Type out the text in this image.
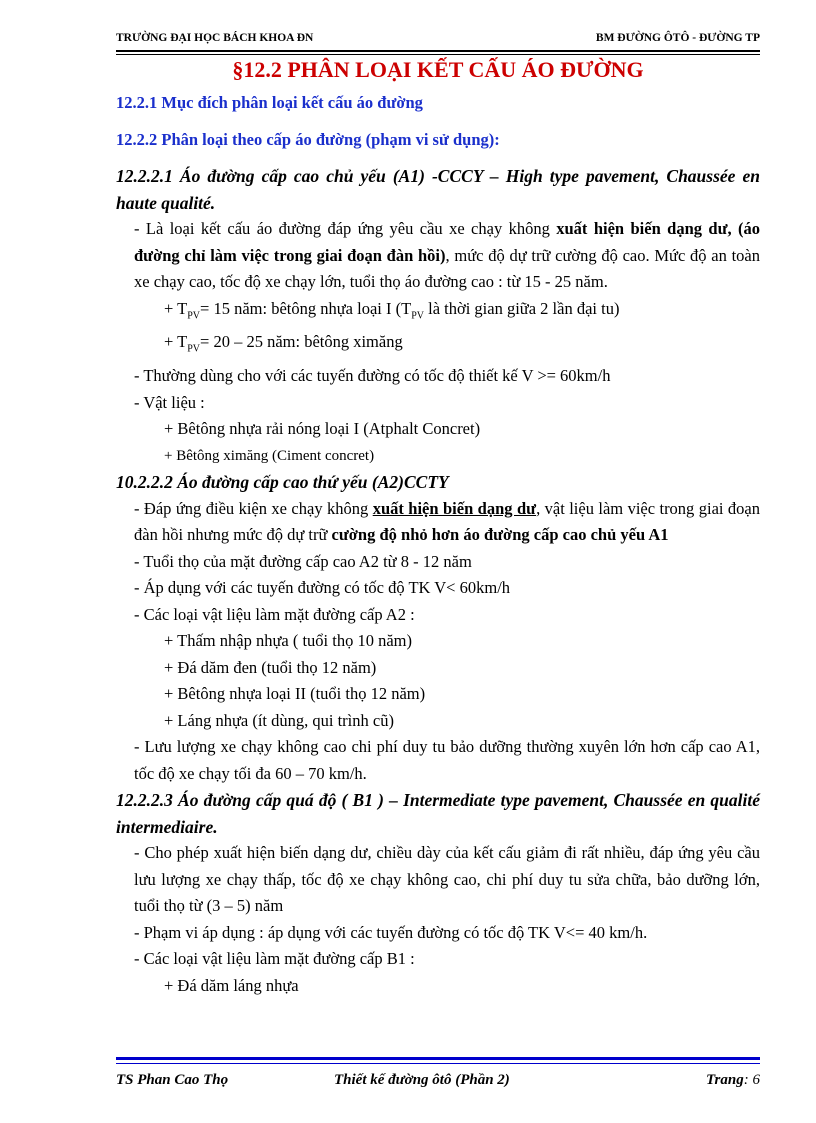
TRƯỜNG ĐẠI HỌC BÁCH KHOA ĐN	BM ĐƯỜNG ÔTÔ - ĐƯỜNG TP
§12.2 PHÂN LOẠI KẾT CẤU ÁO ĐƯỜNG

12.2.1 Mục đích phân loại kết cấu áo đường

12.2.2 Phân loại theo cấp áo đường (phạm vi sử dụng):

12.2.2.1 Áo đường cấp cao chủ yếu (A1) -CCCY – High type pavement, Chaussée en haute qualité.

- Là loại kết cấu áo đường đáp ứng yêu cầu xe chạy không xuất hiện biến dạng dư, (áo đường chỉ làm việc trong giai đoạn đàn hồi), mức độ dự trữ cường độ cao. Mức độ an toàn xe chạy cao, tốc độ xe chạy lớn, tuổi thọ áo đường cao : từ 15 - 25 năm.

+ $T_{PV}= 15$ năm: bêtông nhựa loại I ($T_{PV}$ là thời gian giữa 2 lần đại tu)

+ $T_{PV}= 20 - 25$ năm: bêtông ximăng

- Thường dùng cho với các tuyến đường có tốc độ thiết kế V >= 60km/h

- Vật liệu :

+ Bêtông nhựa rải nóng loại I (Atphalt Concret)

+ Bêtông ximăng (Ciment concret)

10.2.2.2 Áo đường cấp cao thứ yếu (A2)CCTY

- Đáp ứng điều kiện xe chạy không xuất hiện biến dạng dư, vật liệu làm việc trong giai đoạn đàn hồi nhưng mức độ dự trữ cường độ nhỏ hơn áo đường cấp cao chủ yếu A1

- Tuổi thọ của mặt đường cấp cao A2 từ 8 - 12 năm

- Áp dụng với các tuyến đường có tốc độ TK V< 60km/h

- Các loại vật liệu làm mặt đường cấp A2 :

+ Thấm nhập nhựa ( tuổi thọ 10 năm)

+ Đá dăm đen (tuổi thọ 12 năm)

+ Bêtông nhựa loại II (tuổi thọ 12 năm)

+ Láng nhựa (ít dùng, qui trình cũ)

- Lưu lượng xe chạy không cao chi phí duy tu bảo dưỡng thường xuyên lớn hơn cấp cao A1, tốc độ xe chạy tối đa 60 – 70 km/h.

12.2.2.3 Áo đường cấp quá độ ( B1 ) – Intermediate type pavement, Chaussée en qualité intermediaire.

- Cho phép xuất hiện biến dạng dư, chiều dày của kết cấu giảm đi rất nhiều, đáp ứng yêu cầu lưu lượng xe chạy thấp, tốc độ xe chạy không cao, chi phí duy tu sửa chữa, bảo dưỡng lớn, tuổi thọ từ (3 – 5) năm

- Phạm vi áp dụng : áp dụng với các tuyến đường có tốc độ TK V<= 40 km/h.

- Các loại vật liệu làm mặt đường cấp B1 :

+ Đá dăm láng nhựa

TS Phan Cao Thọ	Thiết kế đường ôtô (Phần 2)	Trang: 6
